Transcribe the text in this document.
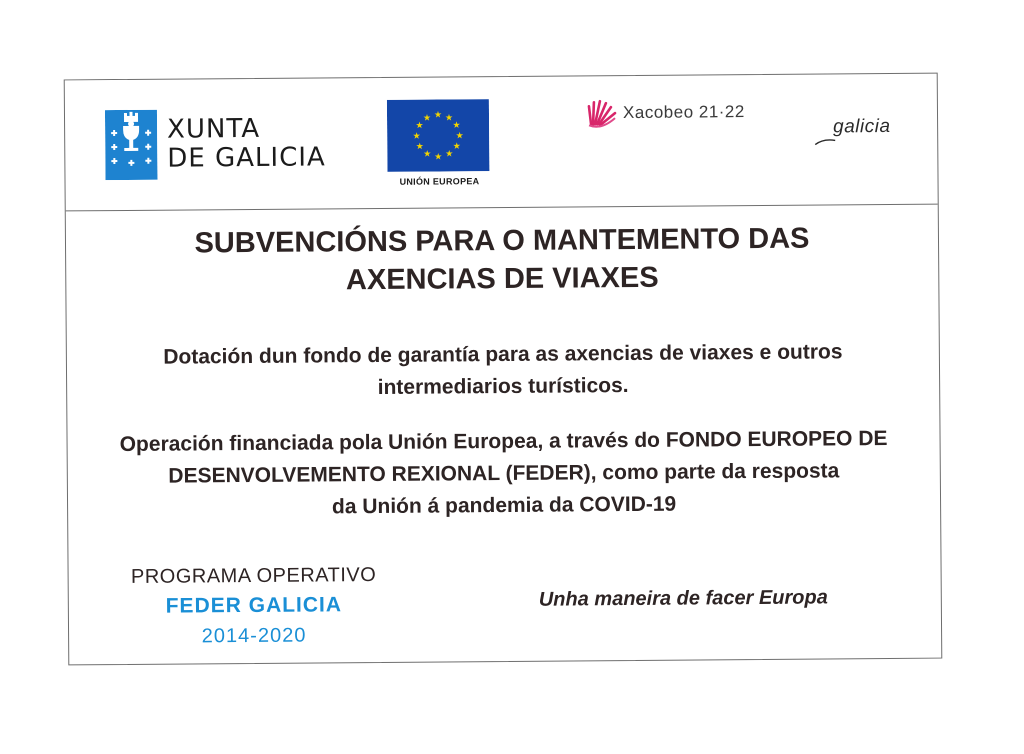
XUNTA
DE GALICIA
★ ★
★
★
★
★
★
★
★
★
★
★
UNIÓN EUROPEA
Xacobeo 21·22
galicia
SUBVENCIÓNS PARA O MANTEMENTO DAS
AXENCIAS DE VIAXES
Dotación dun fondo de garantía para as axencias de viaxes e outros
intermediarios turísticos.
Operación financiada pola Unión Europea, a través do FONDO EUROPEO DE
DESENVOLVEMENTO REXIONAL (FEDER), como parte da resposta
da Unión á pandemia da COVID-19
PROGRAMA OPERATIVO
FEDER GALICIA
2014-2020
Unha maneira de facer Europa
